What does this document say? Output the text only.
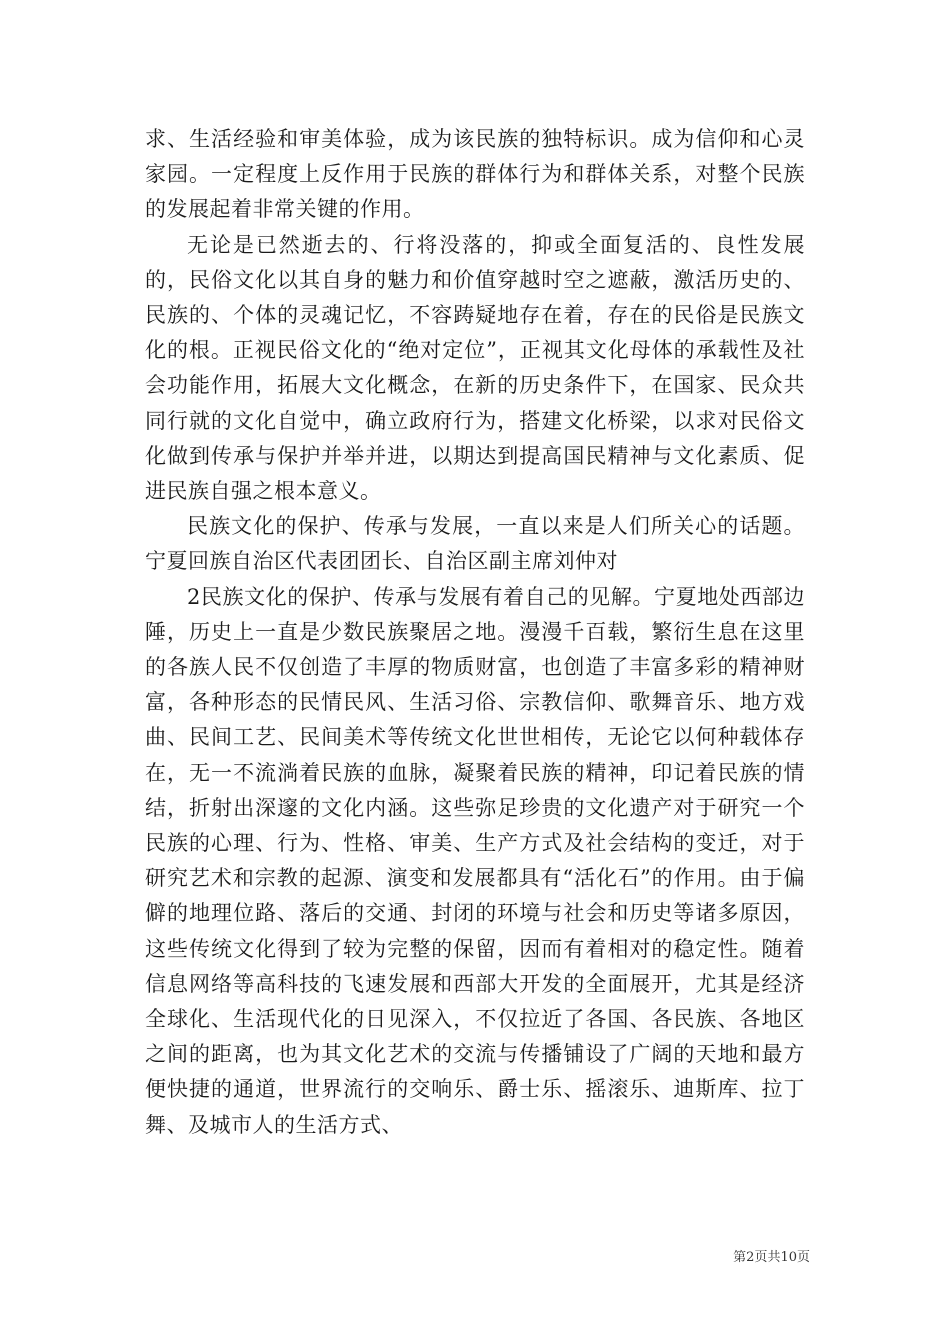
求、生活经验和审美体验，成为该民族的独特标识。成为信仰和心灵家园。一定程度上反作用于民族的群体行为和群体关系，对整个民族的发展起着非常关键的作用。

无论是已然逝去的、行将没落的，抑或全面复活的、良性发展的，民俗文化以其自身的魅力和价值穿越时空之遮蔽，激活历史的、民族的、个体的灵魂记忆，不容踌疑地存在着，存在的民俗是民族文化的根。正视民俗文化的“绝对定位”，正视其文化母体的承载性及社会功能作用，拓展大文化概念，在新的历史条件下，在国家、民众共同行就的文化自觉中，确立政府行为，搭建文化桥梁，以求对民俗文化做到传承与保护并举并进，以期达到提高国民精神与文化素质、促进民族自强之根本意义。

民族文化的保护、传承与发展，一直以来是人们所关心的话题。宁夏回族自治区代表团团长、自治区副主席刘仲对

2民族文化的保护、传承与发展有着自己的见解。宁夏地处西部边陲，历史上一直是少数民族聚居之地。漫漫千百载，繁衍生息在这里的各族人民不仅创造了丰厚的物质财富，也创造了丰富多彩的精神财富，各种形态的民情民风、生活习俗、宗教信仰、歌舞音乐、地方戏曲、民间工艺、民间美术等传统文化世世相传，无论它以何种载体存在，无一不流淌着民族的血脉，凝聚着民族的精神，印记着民族的情结，折射出深邃的文化内涵。这些弥足珍贵的文化遗产对于研究一个民族的心理、行为、性格、审美、生产方式及社会结构的变迁，对于研究艺术和宗教的起源、演变和发展都具有“活化石”的作用。由于偏僻的地理位路、落后的交通、封闭的环境与社会和历史等诸多原因，这些传统文化得到了较为完整的保留，因而有着相对的稳定性。随着信息网络等高科技的飞速发展和西部大开发的全面展开，尤其是经济全球化、生活现代化的日见深入，不仅拉近了各国、各民族、各地区之间的距离，也为其文化艺术的交流与传播铺设了广阔的天地和最方便快捷的通道，世界流行的交响乐、爵士乐、摇滚乐、迪斯库、拉丁舞、及城市人的生活方式、

第2页共10页
